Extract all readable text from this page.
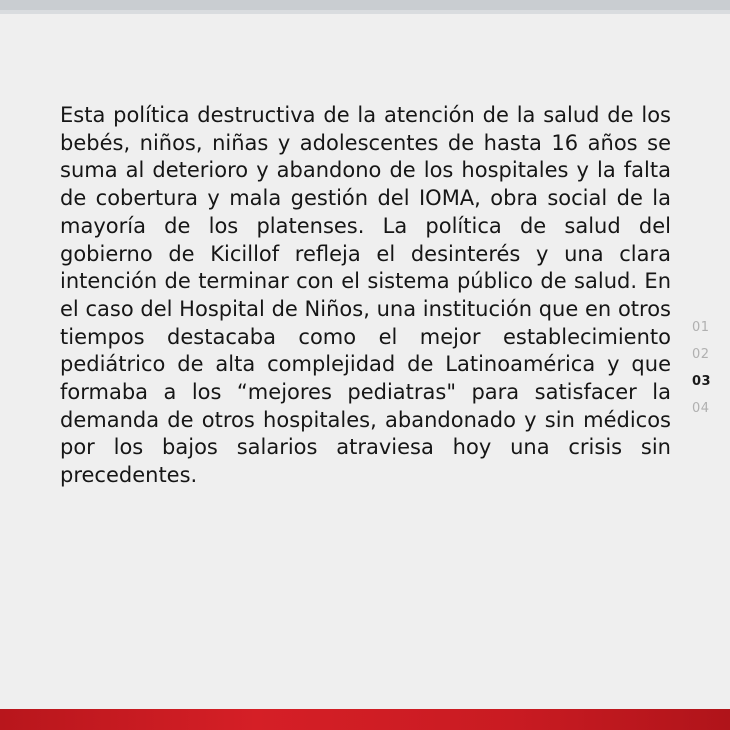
Esta política destructiva de la atención de la salud de los bebés, niños, niñas y adolescentes de hasta 16 años se suma al deterioro y abandono de los hospitales y la falta de cobertura y mala gestión del IOMA, obra social de la mayoría de los platenses. La política de salud del gobierno de Kicillof refleja el desinterés y una clara intención de terminar con el sistema público de salud. En el caso del Hospital de Niños, una institución que en otros tiempos destacaba como el mejor establecimiento pediátrico de alta complejidad de Latinoamérica y que formaba a los “mejores pediatras" para satisfacer la demanda de otros hospitales, abandonado y sin médicos por los bajos salarios atraviesa hoy una crisis sin precedentes.

01
02
03
04
